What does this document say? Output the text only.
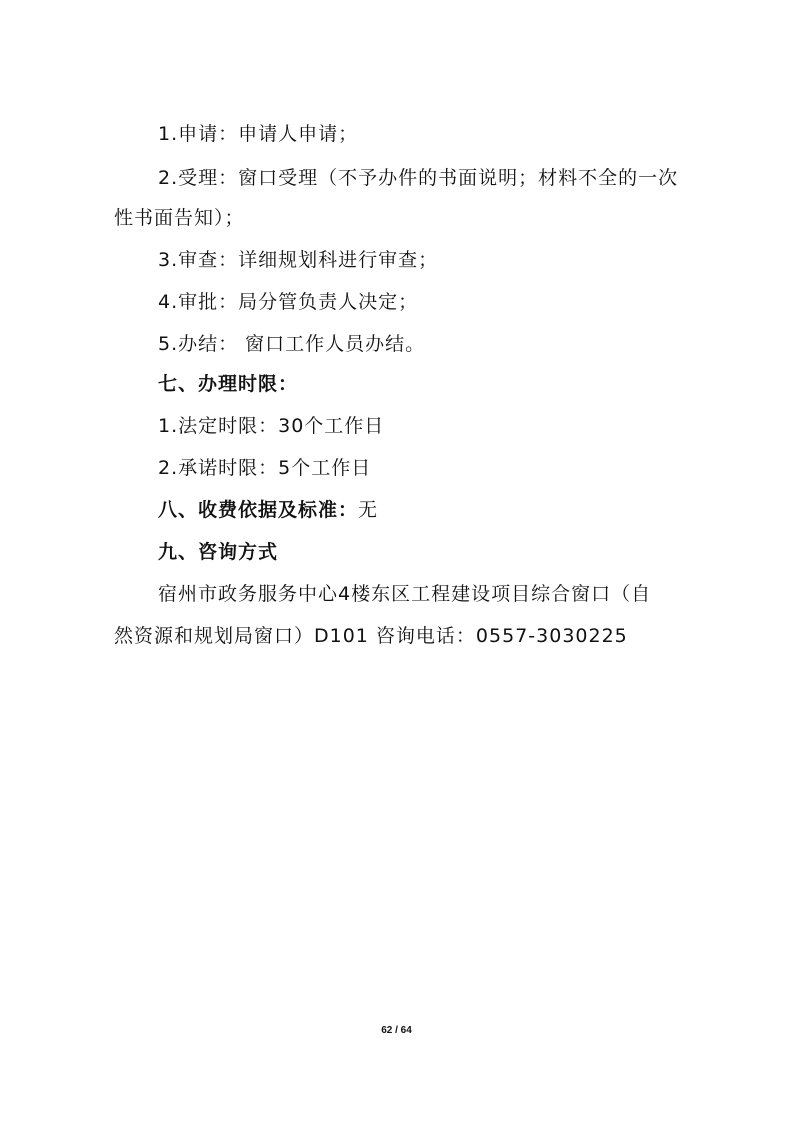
1.申请：申请人申请；
2.受理：窗口受理（不予办件的书面说明；材料不全的一次
性书面告知）；
3.审查：详细规划科进行审查；
4.审批：局分管负责人决定；
5.办结： 窗口工作人员办结。
七、办理时限：
1.法定时限：30个工作日
2.承诺时限：5个工作日
八、收费依据及标准：无
九、咨询方式
宿州市政务服务中心4楼东区工程建设项目综合窗口（自
然资源和规划局窗口）D101 咨询电话：0557-3030225
62 / 64
